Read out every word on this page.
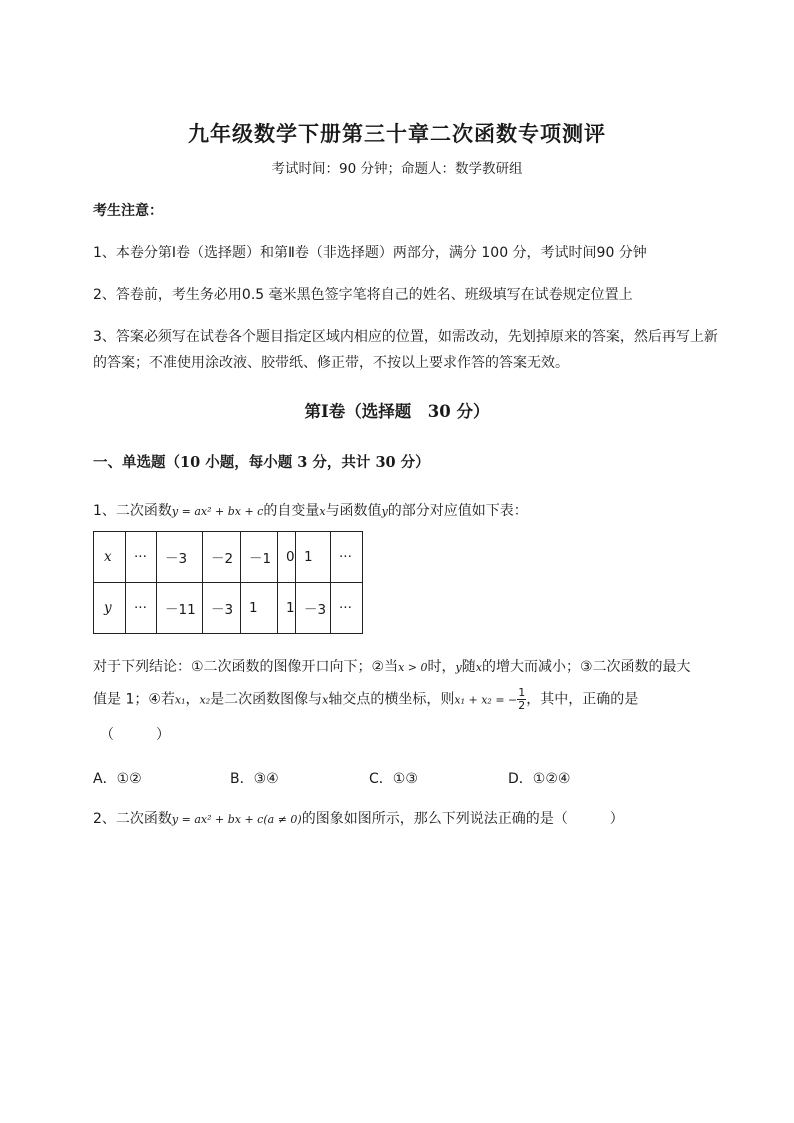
九年级数学下册第三十章二次函数专项测评
考试时间：90 分钟；命题人：数学教研组
考生注意：
1、本卷分第Ⅰ卷（选择题）和第Ⅱ卷（非选择题）两部分，满分 100 分，考试时间90 分钟
2、答卷前，考生务必用0.5 毫米黑色签字笔将自己的姓名、班级填写在试卷规定位置上
3、答案必须写在试卷各个题目指定区域内相应的位置，如需改动，先划掉原来的答案，然后再写上新
的答案；不准使用涂改液、胶带纸、修正带，不按以上要求作答的答案无效。
第Ⅰ卷（选择题　30 分）
一、单选题（10 小题，每小题 3 分，共计 30 分）
1、二次函数y = ax² + bx + c的自变量x与函数值y的部分对应值如下表：
x	···	－3	－2	－1	0	1	···
y	···	－11	－3	1	1	－3	···
对于下列结论：①二次函数的图像开口向下；②当x > 0时，y随x的增大而减小；③二次函数的最大
值是 1；④若x₁，x₂是二次函数图像与x轴交点的横坐标，则x₁ + x₂ = − $\frac{1}{2}$ ，其中，正确的是
（　　　）
A．①②	B．③④	C．①③	D．①②④
2、二次函数y = ax² + bx + c(a ≠ 0)的图象如图所示，那么下列说法正确的是（　　　）
